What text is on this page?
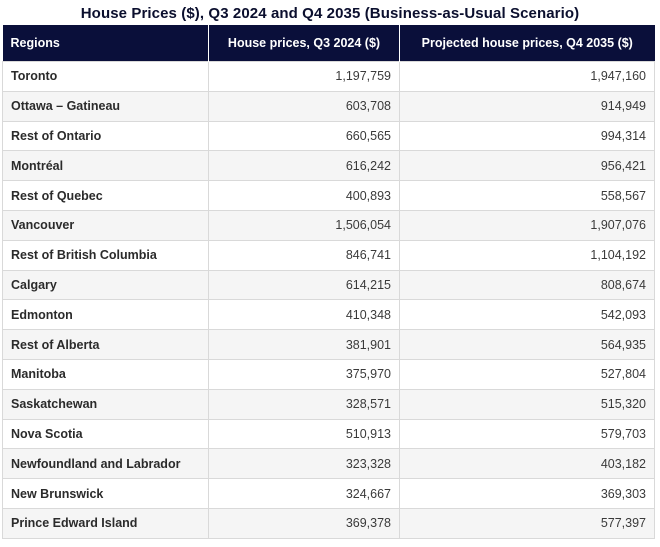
House Prices ($), Q3 2024 and Q4 2035 (Business-as-Usual Scenario)
Regions	House prices, Q3 2024 ($)	Projected house prices, Q4 2035 ($)
Toronto	1,197,759	1,947,160
Ottawa – Gatineau	603,708	914,949
Rest of Ontario	660,565	994,314
Montréal	616,242	956,421
Rest of Quebec	400,893	558,567
Vancouver	1,506,054	1,907,076
Rest of British Columbia	846,741	1,104,192
Calgary	614,215	808,674
Edmonton	410,348	542,093
Rest of Alberta	381,901	564,935
Manitoba	375,970	527,804
Saskatchewan	328,571	515,320
Nova Scotia	510,913	579,703
Newfoundland and Labrador	323,328	403,182
New Brunswick	324,667	369,303
Prince Edward Island	369,378	577,397
